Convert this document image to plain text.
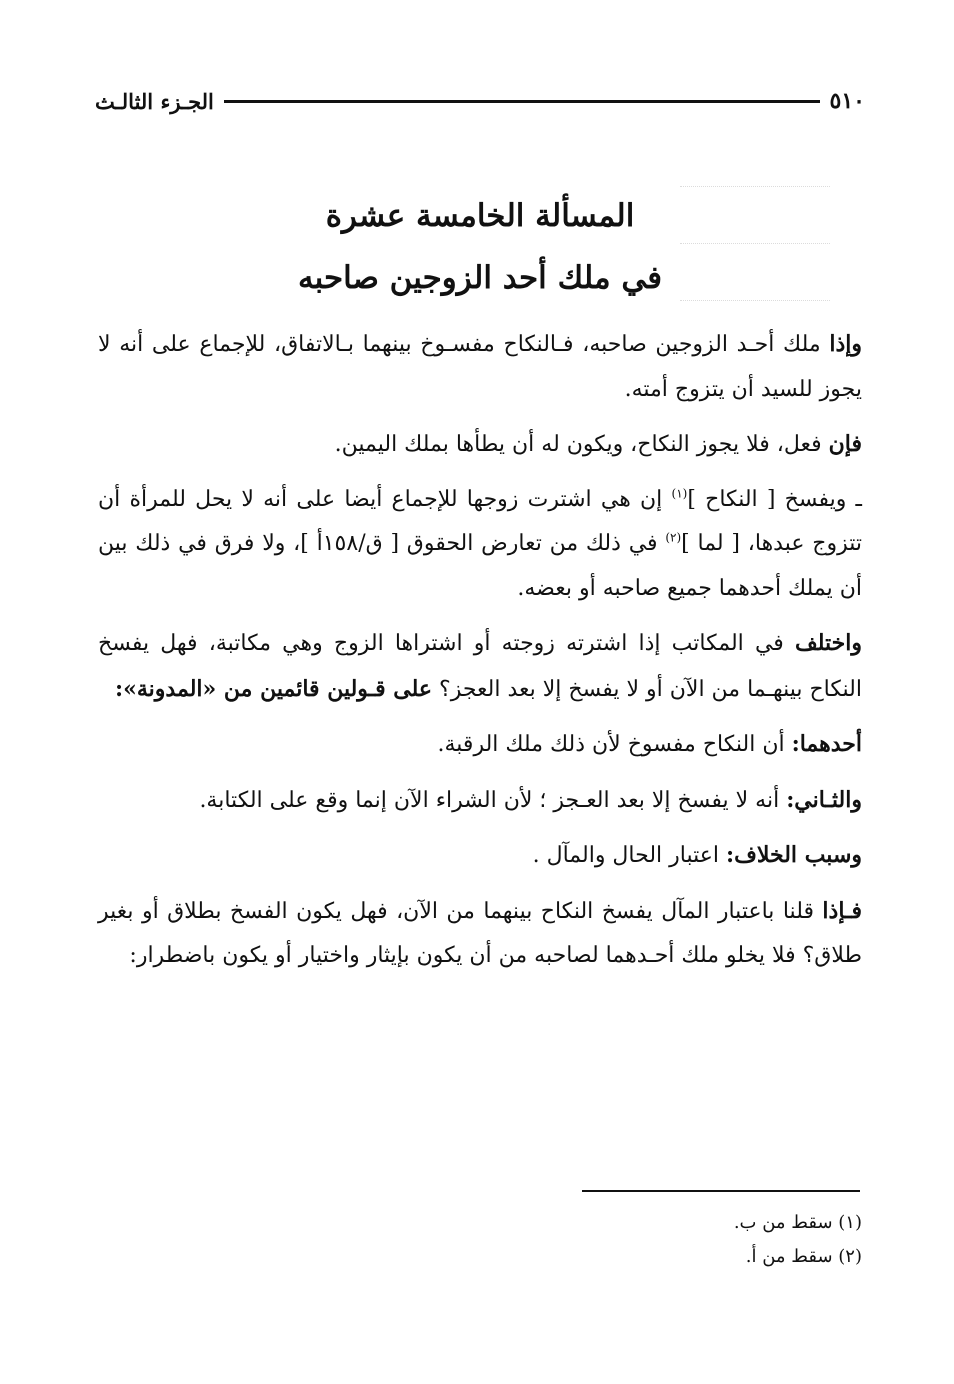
٥١٠
الجـزء الثالـث
المسألة الخامسة عشرة
في ملك أحد الزوجين صاحبه

وإذا ملك أحـد الزوجين صاحبه، فـالنكاح مفسـوخ بينهما بـالاتفاق، للإجماع على أنه لا يجوز للسيد أن يتزوج أمته.

فإن فعل، فلا يجوز النكاح، ويكون له أن يطأها بملك اليمين.

ـ ويفسخ [ النكاح ]$^{(١)}$ إن هي اشترت زوجها للإجماع أيضا على أنه لا يحل للمرأة أن تتزوج عبدها، [ لما ]$^{(٢)}$ في ذلك من تعارض الحقوق [ ق/١٥٨أ ]، ولا فرق في ذلك بين أن يملك أحدهما جميع صاحبه أو بعضه.

واختلف في المكاتب إذا اشترته زوجته أو اشتراها الزوج وهي مكاتبة، فهل يفسخ النكاح بينهـما من الآن أو لا يفسخ إلا بعد العجز؟ على قـولين قائمين من «المدونة»:

أحدهما: أن النكاح مفسوخ لأن ذلك ملك الرقبة.

والثـاني: أنه لا يفسخ إلا بعد العـجز ؛ لأن الشراء الآن إنما وقع على الكتابة.

وسبب الخلاف: اعتبار الحال والمآل .

فـإذا قلنا باعتبار المآل يفسخ النكاح بينهما من الآن، فهل يكون الفسخ بطلاق أو بغير طلاق؟ فلا يخلو ملك أحـدهما لصاحبه من أن يكون بإيثار واختيار أو يكون باضطرار:

(١) سقط من ب.
(٢) سقط من أ.
